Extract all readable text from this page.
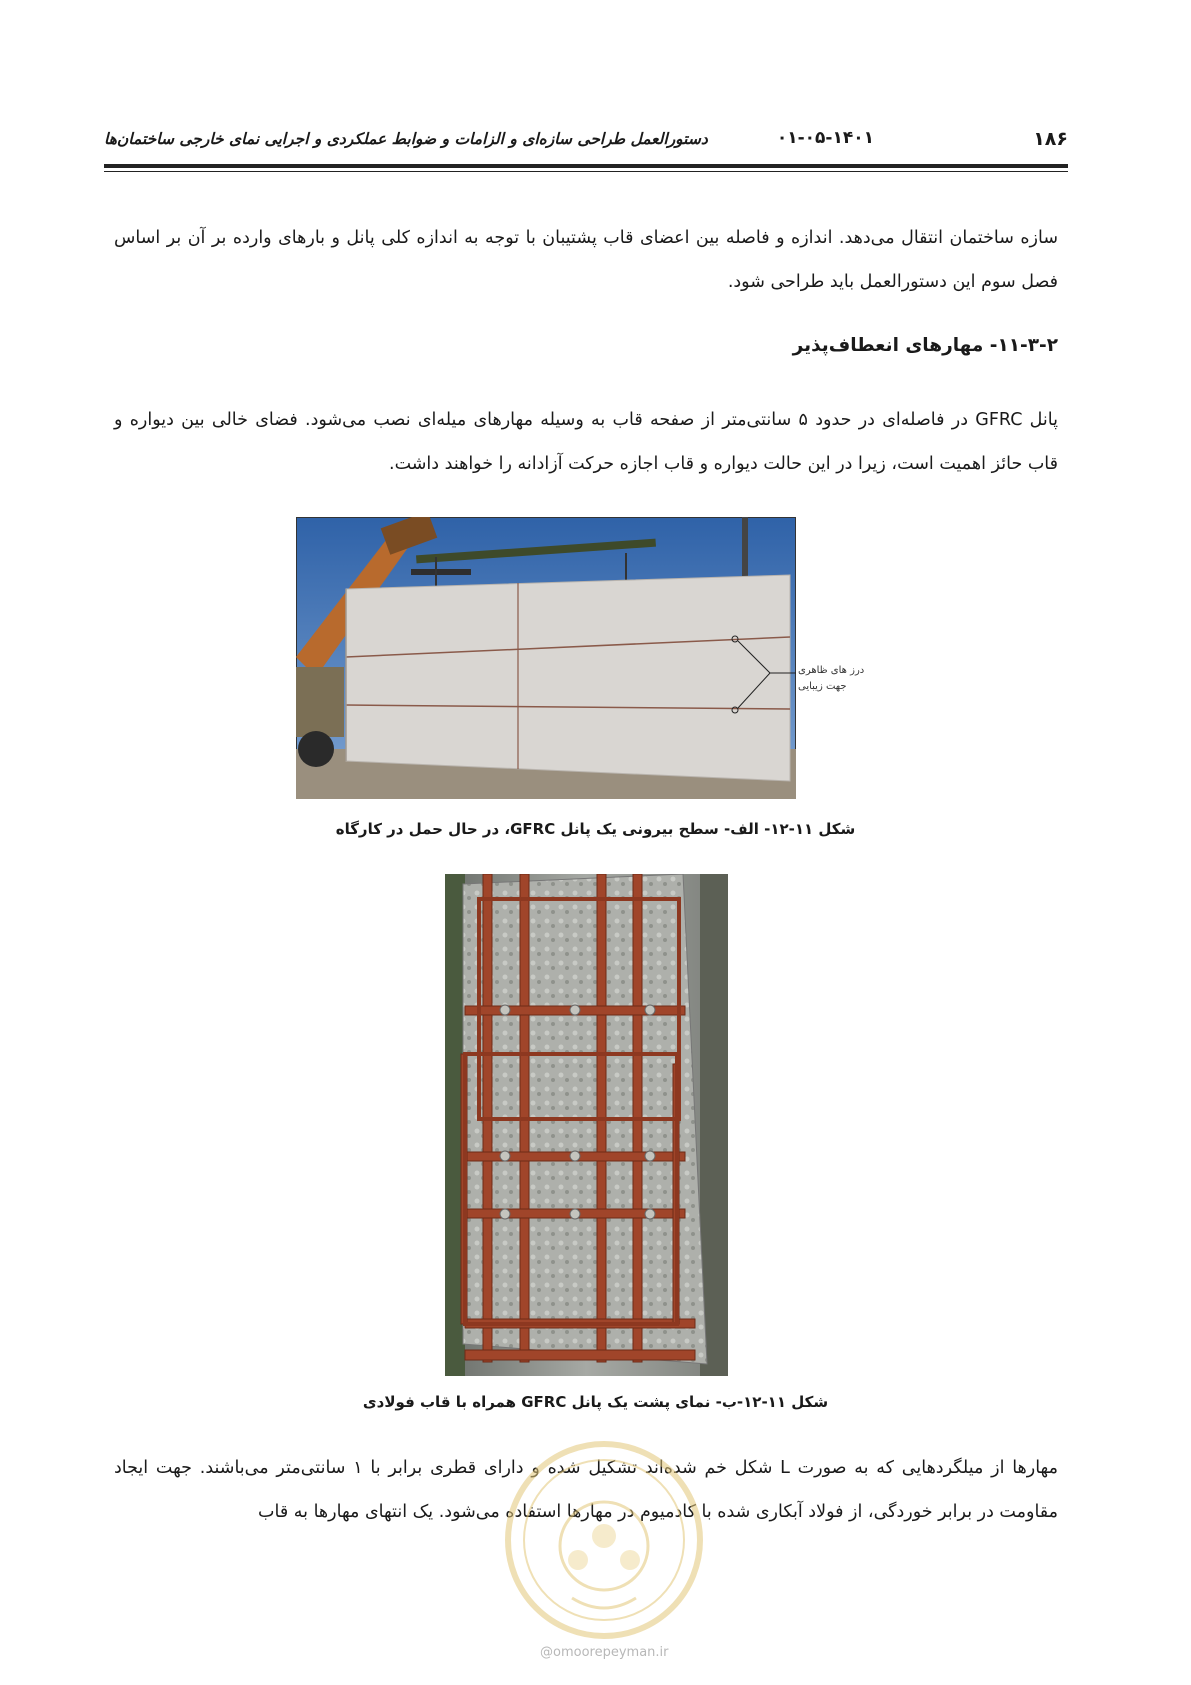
۱۸۶
۰۱-۰۵-۱۴۰۱
دستورالعمل طراحی سازه‌ای و الزامات و ضوابط عملکردی و اجرایی نمای خارجی ساختمان‌ها
سازه ساختمان انتقال می‌دهد. اندازه و فاصله بین اعضای قاب پشتیبان با توجه به اندازه کلی پانل و بارهای وارده بر آن بر اساس فصل سوم این دستورالعمل باید طراحی شود.
۱۱-۳-۲- مهارهای انعطاف‌پذیر
پانل GFRC در فاصله‌ای در حدود ۵ سانتی‌متر از صفحه قاب به وسیله مهارهای میله‌ای نصب می‌شود. فضای خالی بین دیواره و قاب حائز اهمیت است، زیرا در این حالت دیواره و قاب اجازه حرکت آزادانه را خواهند داشت.
درز های ظاهری
جهت زیبایی
شکل ۱۱-۱۲- الف- سطح بیرونی یک پانل GFRC، در حال حمل در کارگاه
شکل ۱۱-۱۲-ب- نمای پشت یک پانل GFRC همراه با قاب فولادی
مهارها از میلگردهایی که به صورت L شکل خم شده‌اند تشکیل شده و دارای قطری برابر با ۱ سانتی‌متر می‌باشند. جهت ایجاد مقاومت در برابر خوردگی، از فولاد آبکاری شده با کادمیوم در مهارها استفاده می‌شود. یک انتهای مهارها به قاب
@omoorepeyman.ir
